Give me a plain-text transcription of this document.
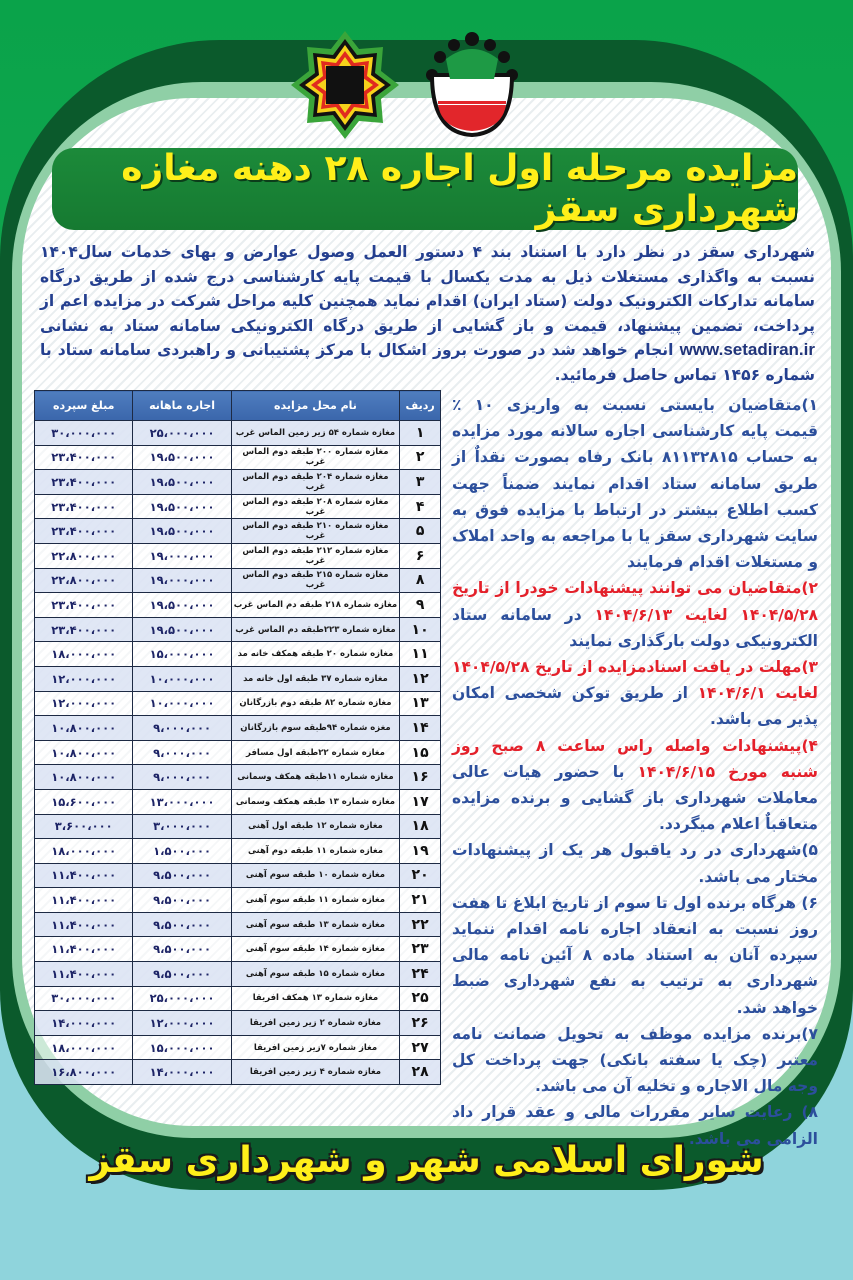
مزایده مرحله اول اجاره ۲۸ دهنه مغازه شهرداری سقز
شهرداری سقز در نظر دارد با استناد بند ۴ دستور العمل وصول عوارض و بهای خدمات سال۱۴۰۴ نسبت به واگذاری مستغلات ذیل به مدت یکسال با قیمت پایه کارشناسی درج شده از طریق درگاه سامانه تدارکات الکترونیک دولت (ستاد ایران) اقدام نماید همچنین کلیه مراحل شرکت در مزایده اعم از پرداخت، تضمین پیشنهاد، قیمت و باز گشایی از طریق درگاه الکترونیکی سامانه ستاد به نشانی www.setadiran.ir انجام خواهد شد در صورت بروز اشکال با مرکز پشتیبانی و راهبردی سامانه ستاد با شماره ۱۴۵۶ تماس حاصل فرمائید.
ردیف	نام محل مزایده	اجاره ماهانه	مبلغ سپرده
۱	مغازه شماره ۵۴ زیر زمین الماس غرب	۲۵،۰۰۰،۰۰۰	۳۰،۰۰۰،۰۰۰
۲	مغازه شماره ۲۰۰ طبقه دوم الماس غرب	۱۹،۵۰۰،۰۰۰	۲۳،۴۰۰،۰۰۰
۳	مغازه شماره ۲۰۴ طبقه دوم الماس غرب	۱۹،۵۰۰،۰۰۰	۲۳،۴۰۰،۰۰۰
۴	مغازه شماره ۲۰۸ طبقه دوم الماس غرب	۱۹،۵۰۰،۰۰۰	۲۳،۴۰۰،۰۰۰
۵	مغازه شماره ۲۱۰ طبقه دوم الماس غرب	۱۹،۵۰۰،۰۰۰	۲۳،۴۰۰،۰۰۰
۶	مغازه شماره ۲۱۲ طبقه دوم الماس غرب	۱۹،۰۰۰،۰۰۰	۲۲،۸۰۰،۰۰۰
۸	مغازه شماره ۲۱۵ طبقه دوم الماس غرب	۱۹،۰۰۰،۰۰۰	۲۲،۸۰۰،۰۰۰
۹	مغازه شماره ۲۱۸ طبقه دم الماس غرب	۱۹،۵۰۰،۰۰۰	۲۳،۴۰۰،۰۰۰
۱۰	مغازه شماره ۲۲۳طبقه دم الماس غرب	۱۹،۵۰۰،۰۰۰	۲۳،۴۰۰،۰۰۰
۱۱	مغازه شماره ۲۰ طبقه همکف خانه مد	۱۵،۰۰۰،۰۰۰	۱۸،۰۰۰،۰۰۰
۱۲	مغازه شماره ۳۷ طبقه اول خانه مد	۱۰،۰۰۰،۰۰۰	۱۲،۰۰۰،۰۰۰
۱۳	مغازه شماره ۸۲ طبقه دوم بازرگانان	۱۰،۰۰۰،۰۰۰	۱۲،۰۰۰،۰۰۰
۱۴	مغزه شماره ۹۴طبقه سوم بازرگانان	۹،۰۰۰،۰۰۰	۱۰،۸۰۰،۰۰۰
۱۵	مغازه شماره ۲۲طبقه اول مسافر	۹،۰۰۰،۰۰۰	۱۰،۸۰۰،۰۰۰
۱۶	مغازه شماره ۱۱طبقه همکف وسمانی	۹،۰۰۰،۰۰۰	۱۰،۸۰۰،۰۰۰
۱۷	مغازه شماره ۱۳ طبقه همکف وسمانی	۱۳،۰۰۰،۰۰۰	۱۵،۶۰۰،۰۰۰
۱۸	مغازه شماره ۱۲ طبقه اول آهنی	۳،۰۰۰،۰۰۰	۳،۶۰۰،۰۰۰
۱۹	مغازه شماره ۱۱ طبقه دوم آهنی	۱،۵۰۰،۰۰۰	۱۸،۰۰۰،۰۰۰
۲۰	مغازه شماره ۱۰ طبقه سوم آهنی	۹،۵۰۰،۰۰۰	۱۱،۴۰۰،۰۰۰
۲۱	مغازه شماره ۱۱ طبقه سوم آهنی	۹،۵۰۰،۰۰۰	۱۱،۴۰۰،۰۰۰
۲۲	مغازه شماره ۱۳ طبقه سوم آهنی	۹،۵۰۰،۰۰۰	۱۱،۴۰۰،۰۰۰
۲۳	مغازه شماره ۱۴ طبقه سوم آهنی	۹،۵۰۰،۰۰۰	۱۱،۴۰۰،۰۰۰
۲۴	مغازه شماره ۱۵ طبقه سوم آهنی	۹،۵۰۰،۰۰۰	۱۱،۴۰۰،۰۰۰
۲۵	مغازه شماره ۱۳ همکف افریقا	۲۵،۰۰۰،۰۰۰	۳۰،۰۰۰،۰۰۰
۲۶	مغازه شماره ۲ زیر زمین افریقا	۱۲،۰۰۰،۰۰۰	۱۴،۰۰۰،۰۰۰
۲۷	مغاز شماره ۷زیر زمین افریقا	۱۵،۰۰۰،۰۰۰	۱۸،۰۰۰،۰۰۰
۲۸	مغازه شماره ۴ زیر زمین افریقا	۱۴،۰۰۰،۰۰۰	۱۶،۸۰۰،۰۰۰

۱)متقاضیان بایستی نسبت به واریزی ۱۰ ٪ قیمت پایه کارشناسی اجاره سالانه مورد مزایده به حساب ۸۱۱۳۲۸۱۵ بانک رفاه بصورت نقداٌ از طریق سامانه ستاد اقدام نمایند ضمناً جهت کسب اطلاع بیشتر در ارتباط با مزایده فوق به سایت شهرداری سقز یا با مراجعه به واحد املاک و مستغلات اقدام فرمایند

۲)متقاضیان می توانند پیشنهادات خودرا از تاریخ ۱۴۰۴/۵/۲۸ لغایت ۱۴۰۴/۶/۱۳ در سامانه ستاد الکترونیکی دولت بارگذاری نمایند

۳)مهلت در یافت اسنادمزایده از تاریخ ۱۴۰۴/۵/۲۸ لغایت ۱۴۰۴/۶/۱ از طریق توکن شخصی امکان پذیر می باشد.

۴)پیشنهادات واصله راس ساعت ۸ صبح روز شنبه مورخ ۱۴۰۴/۶/۱۵ با حضور هیات عالی معاملات شهرداری باز گشایی و برنده مزایده متعاقباٌ اعلام میگردد.

۵)شهرداری در رد یاقبول هر یک از پیشنهادات مختار می باشد.

۶) هرگاه برنده اول تا سوم از تاریخ ابلاغ تا هفت روز نسبت به انعقاد اجاره نامه اقدام ننماید سپرده آنان به استناد ماده ۸ آئین نامه مالی شهرداری به ترتیب به نفع شهرداری ضبط خواهد شد.

۷)برنده مزایده موظف به تحویل ضمانت نامه معتبر (چک یا سفته بانکی) جهت پرداخت کل وجه مال الاجاره و تخلیه آن می باشد.

۸) رعایت سایر مقررات مالی و عقد قرار داد الزامی می باشد.

شورای اسلامی شهر و شهرداری سقز
